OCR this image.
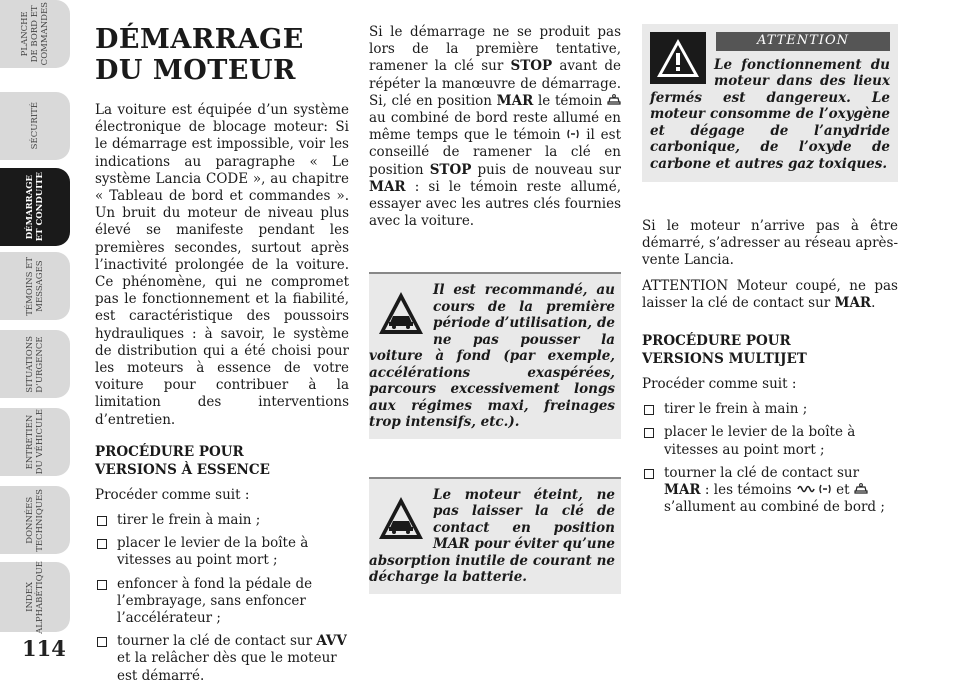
PLANCHE
DE BORD ET
COMMANDES
SÉCURITÉ
DÉMARRAGE
ET CONDUITE
TÉMOINS ET
MESSAGES
SITUATIONS
D’URGENCE
ENTRETIEN
DU VÉHICULE
DONNÉES
TECHNIQUES
INDEX
ALPHABÉTIQUE
114
DÉMARRAGE
DU MOTEUR

La voiture est équipée d’un système électronique de blocage moteur: Si le démarrage est impossible, voir les indications au paragraphe « Le système Lancia CODE », au chapitre « Tableau de bord et commandes ». Un bruit du moteur de niveau plus élevé se manifeste pendant les premières secondes, surtout après l’inactivité prolongée de la voiture. Ce phénomène, qui ne compromet pas le fonctionnement et la fiabilité, est caractéristique des poussoirs hydrauliques : à savoir, le système de distribution qui a été choisi pour les moteurs à essence de votre voiture pour contribuer à la limitation des interventions d’entretien.

PROCÉDURE POUR
VERSIONS À ESSENCE

Procéder comme suit :

tirer le frein à main ;
placer le levier de la boîte à vitesses au point mort ;
enfoncer à fond la pédale de l’embrayage, sans enfoncer l’accélérateur ;
tourner la clé de contact sur AVV et la relâcher dès que le moteur est démarré.

Si le démarrage ne se produit pas lors de la première tentative, ramener la clé sur STOP avant de répéter la manœuvre de démarrage. Si, clé en position MAR le témoin  au combiné de bord reste allumé en même temps que le témoin  il est conseillé de ramener la clé en position STOP puis de nouveau sur MAR : si le témoin reste allumé, essayer avec les autres clés fournies avec la voiture.

Il est recommandé, au cours de la première période d’utilisation, de ne pas pousser la voiture à fond (par exemple, accélérations exaspérées, parcours excessivement longs aux régimes maxi, freinages trop intensifs, etc.).

Le moteur éteint, ne pas laisser la clé de contact en position MAR pour éviter qu’une absorption inutile de courant ne décharge la batterie.

ATTENTION

Le fonctionnement du moteur dans des lieux fermés est dangereux. Le moteur consomme de l’oxygène et dégage de l’anydride carbonique, de l’oxyde de carbone et autres gaz toxiques.

Si le moteur n’arrive pas à être démarré, s’adresser au réseau après-vente Lancia.

ATTENTION Moteur coupé, ne pas laisser la clé de contact sur MAR.

PROCÉDURE POUR
VERSIONS MULTIJET

Procéder comme suit :

tirer le frein à main ;
placer le levier de la boîte à vitesses au point mort ;
tourner la clé de contact sur MAR : les témoins	et  s’allument au combiné de bord ;
